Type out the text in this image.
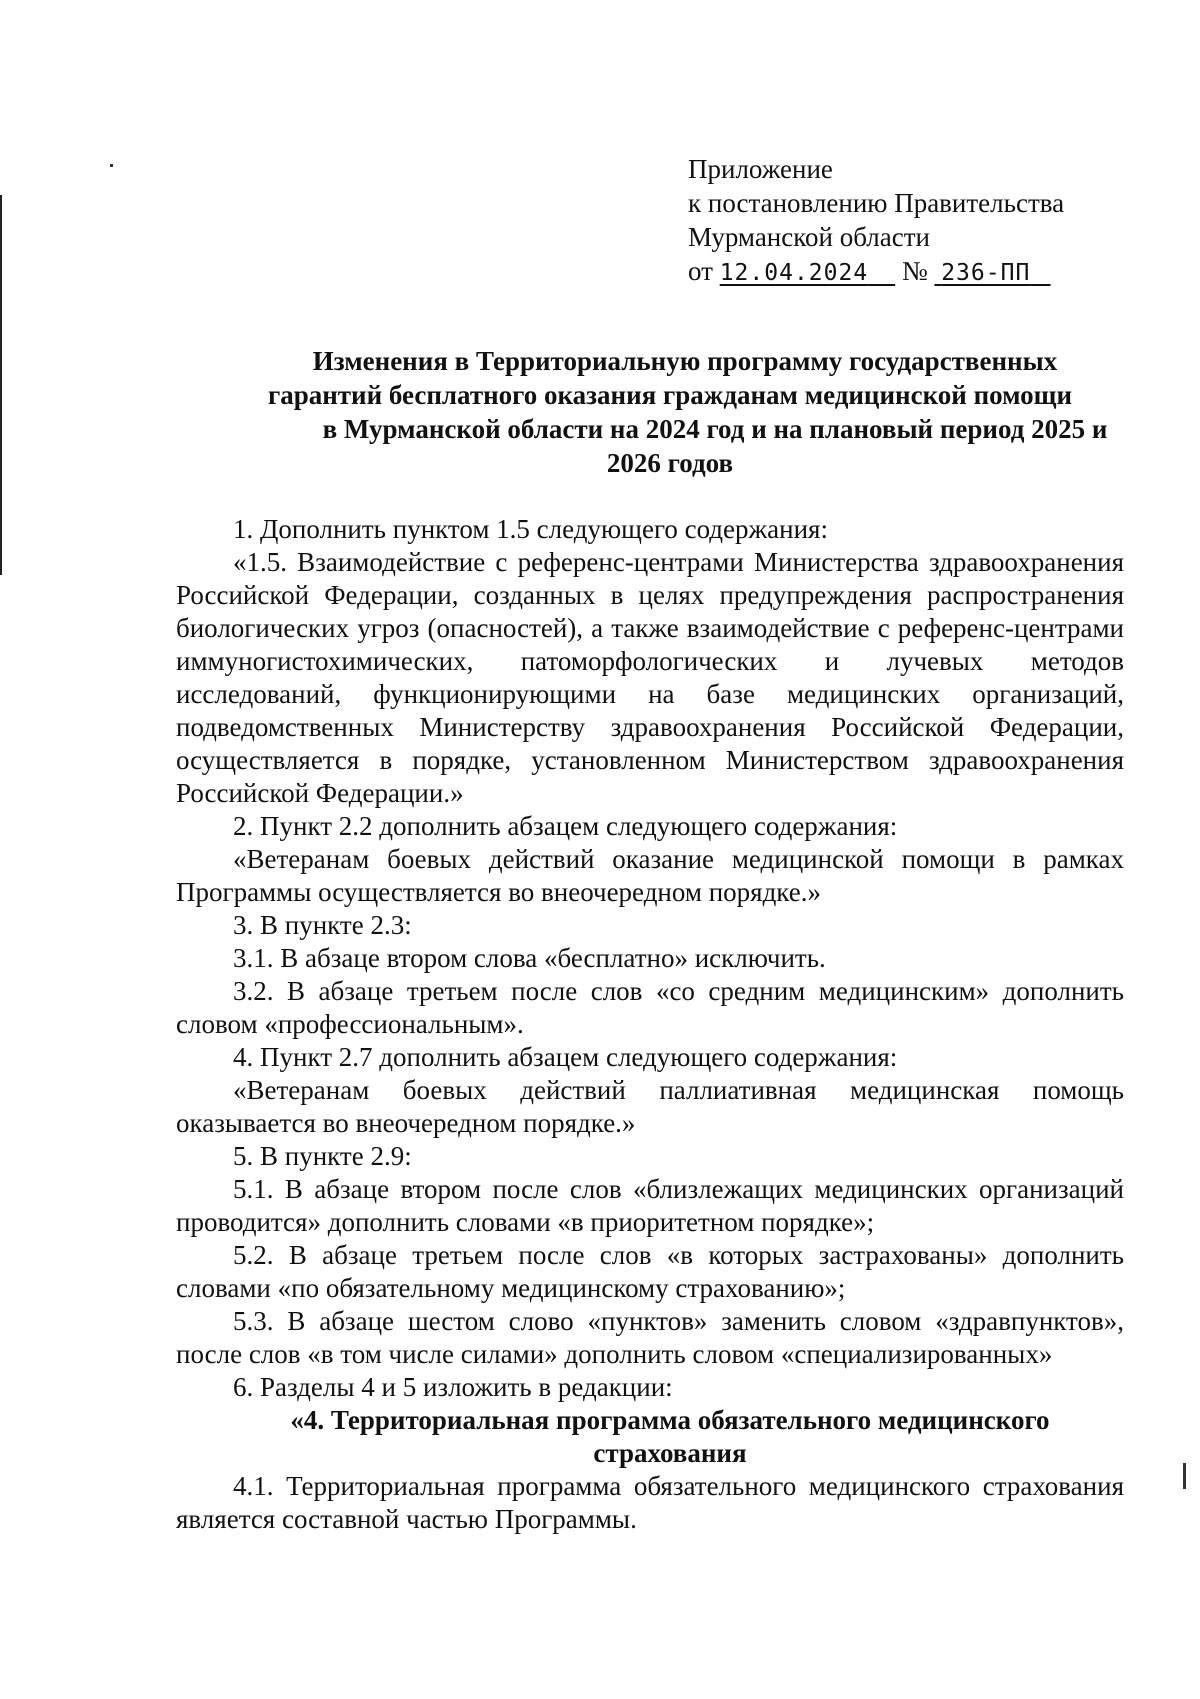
Приложение
к постановлению Правительства
Мурманской области
от 12.04.2024 № 236-ПП
Изменения в Территориальную программу государственных
гарантий бесплатного оказания гражданам медицинской помощи
в Мурманской области на 2024 год и на плановый период 2025 и
2026 годов

1. Дополнить пунктом 1.5 следующего содержания:

«1.5. Взаимодействие с референс-центрами Министерства здравоохранения Российской Федерации, созданных в целях предупреждения распространения биологических угроз (опасностей), а также взаимодействие с референс-центрами иммуногистохимических, патоморфологических и лучевых методов исследований, функционирующими на базе медицинских организаций, подведомственных Министерству здравоохранения Российской Федерации, осуществляется в порядке, установленном Министерством здравоохранения Российской Федерации.»

2. Пункт 2.2 дополнить абзацем следующего содержания:

«Ветеранам боевых действий оказание медицинской помощи в рамках Программы осуществляется во внеочередном порядке.»

3. В пункте 2.3:

3.1. В абзаце втором слова «бесплатно» исключить.

3.2. В абзаце третьем после слов «со средним медицинским» дополнить словом «профессиональным».

4. Пункт 2.7 дополнить абзацем следующего содержания:

«Ветеранам боевых действий паллиативная медицинская помощь оказывается во внеочередном порядке.»

5. В пункте 2.9:

5.1. В абзаце втором после слов «близлежащих медицинских организаций проводится» дополнить словами «в приоритетном порядке»;

5.2. В абзаце третьем после слов «в которых застрахованы» дополнить словами «по обязательному медицинскому страхованию»;

5.3. В абзаце шестом слово «пунктов» заменить словом «здравпунктов», после слов «в том числе силами» дополнить словом «специализированных»

6. Разделы 4 и 5 изложить в редакции:

«4. Территориальная программа обязательного медицинского
страхования

4.1. Территориальная программа обязательного медицинского страхования является составной частью Программы.
